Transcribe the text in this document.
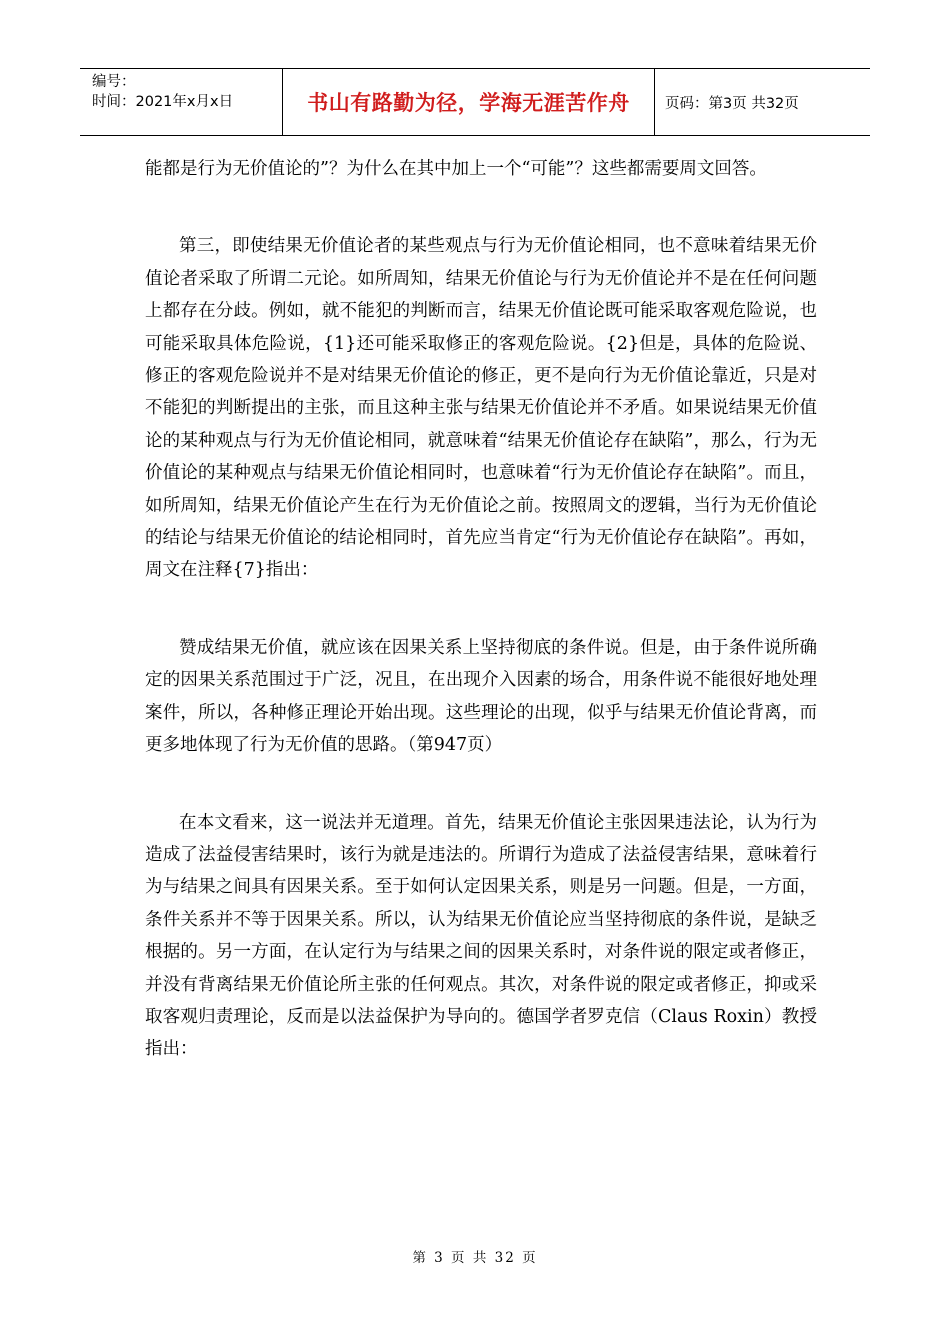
编号：
时间：2021年x月x日	书山有路勤为径，学海无涯苦作舟 页码：第3页 共32页

能都是行为无价值论的”？为什么在其中加上一个“可能”？这些都需要周文回答。

第三，即使结果无价值论者的某些观点与行为无价值论相同，也不意味着结果无价值论者采取了所谓二元论。如所周知，结果无价值论与行为无价值论并不是在任何问题上都存在分歧。例如，就不能犯的判断而言，结果无价值论既可能采取客观危险说，也可能采取具体危险说，{1}还可能采取修正的客观危险说。{2}但是，具体的危险说、修正的客观危险说并不是对结果无价值论的修正，更不是向行为无价值论靠近，只是对不能犯的判断提出的主张，而且这种主张与结果无价值论并不矛盾。如果说结果无价值论的某种观点与行为无价值论相同，就意味着“结果无价值论存在缺陷”，那么，行为无价值论的某种观点与结果无价值论相同时，也意味着“行为无价值论存在缺陷”。而且，如所周知，结果无价值论产生在行为无价值论之前。按照周文的逻辑，当行为无价值论的结论与结果无价值论的结论相同时，首先应当肯定“行为无价值论存在缺陷”。再如，周文在注释{7}指出：

赞成结果无价值，就应该在因果关系上坚持彻底的条件说。但是，由于条件说所确定的因果关系范围过于广泛，况且，在出现介入因素的场合，用条件说不能很好地处理案件，所以，各种修正理论开始出现。这些理论的出现，似乎与结果无价值论背离，而更多地体现了行为无价值的思路。（第947页）

在本文看来，这一说法并无道理。首先，结果无价值论主张因果违法论，认为行为造成了法益侵害结果时，该行为就是违法的。所谓行为造成了法益侵害结果，意味着行为与结果之间具有因果关系。至于如何认定因果关系，则是另一问题。但是，一方面，条件关系并不等于因果关系。所以，认为结果无价值论应当坚持彻底的条件说，是缺乏根据的。另一方面，在认定行为与结果之间的因果关系时，对条件说的限定或者修正，并没有背离结果无价值论所主张的任何观点。其次，对条件说的限定或者修正，抑或采取客观归责理论，反而是以法益保护为导向的。德国学者罗克信（Claus Roxin）教授指出：

第 3 页 共 32 页
